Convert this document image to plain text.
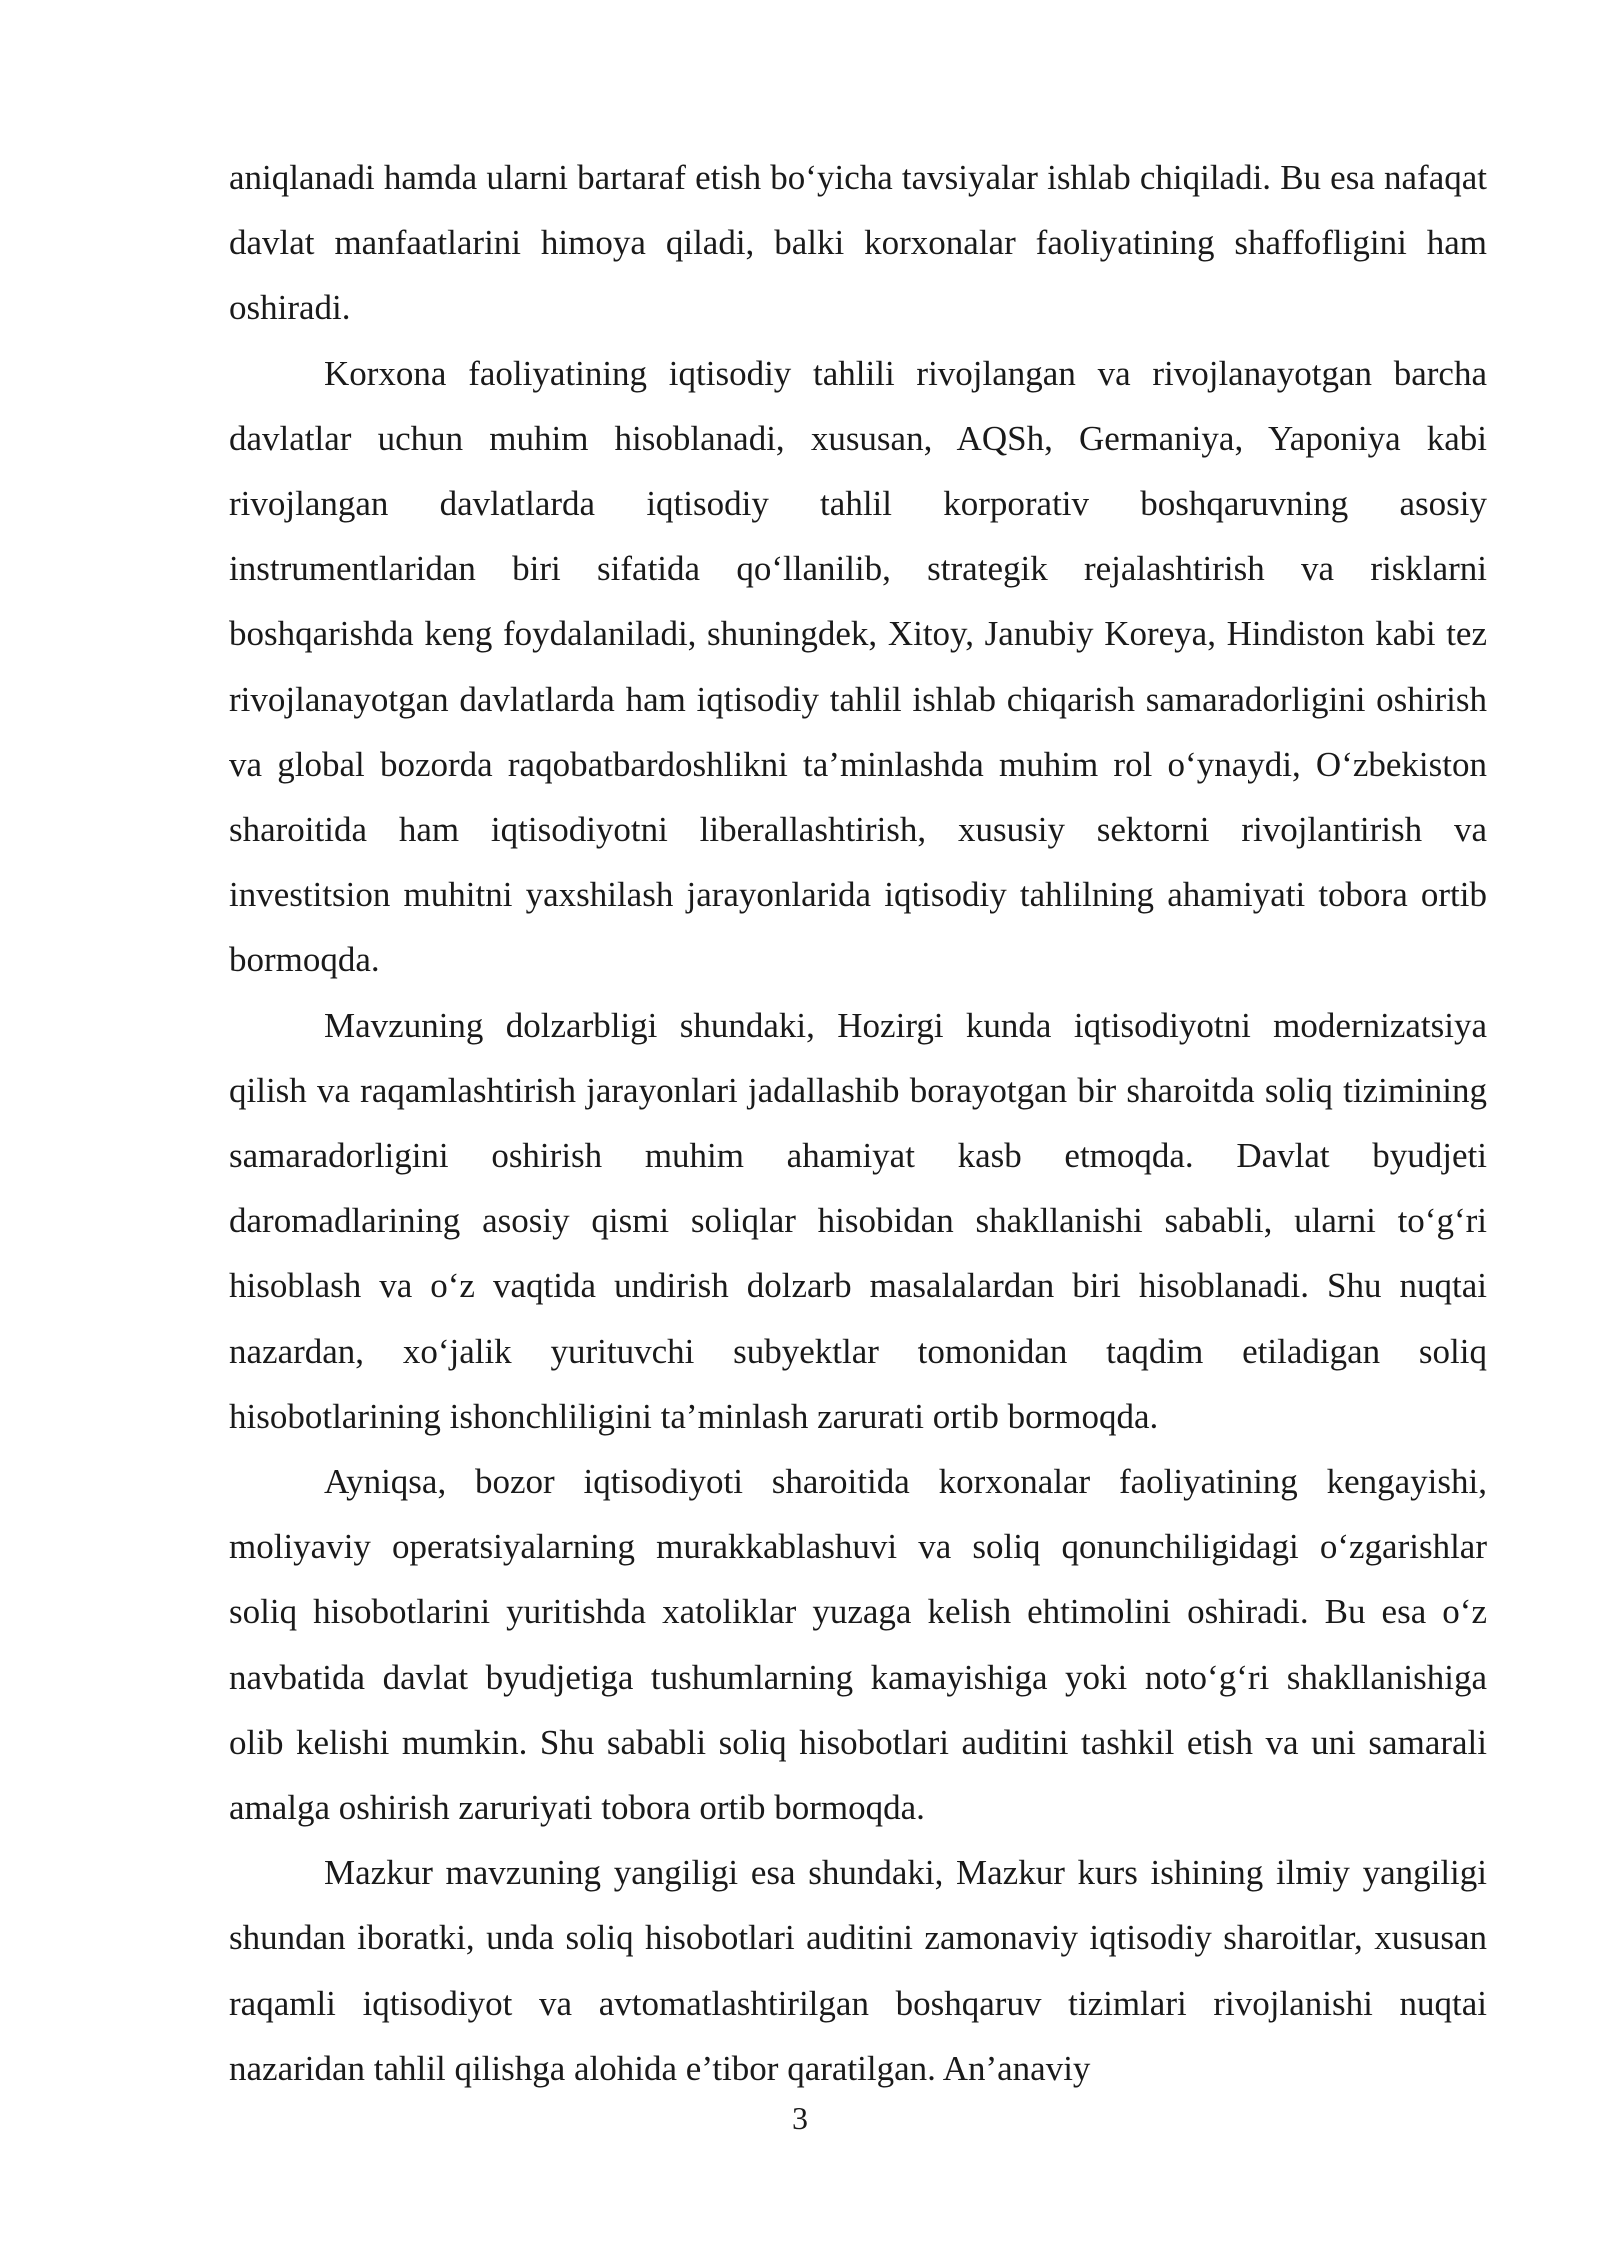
aniqlanadi hamda ularni bartaraf etish bo‘yicha tavsiyalar ishlab chiqiladi. Bu esa nafaqat davlat manfaatlarini himoya qiladi, balki korxonalar faoliyatining shaffofligini ham oshiradi.

Korxona faoliyatining iqtisodiy tahlili rivojlangan va rivojlanayotgan barcha davlatlar uchun muhim hisoblanadi, xususan, AQSh, Germaniya, Yaponiya kabi rivojlangan davlatlarda iqtisodiy tahlil korporativ boshqaruvning asosiy instrumentlaridan biri sifatida qo‘llanilib, strategik rejalashtirish va risklarni boshqarishda keng foydalaniladi, shuningdek, Xitoy, Janubiy Koreya, Hindiston kabi tez rivojlanayotgan davlatlarda ham iqtisodiy tahlil ishlab chiqarish samaradorligini oshirish va global bozorda raqobatbardoshlikni ta’minlashda muhim rol o‘ynaydi, O‘zbekiston sharoitida ham iqtisodiyotni liberallashtirish, xususiy sektorni rivojlantirish va investitsion muhitni yaxshilash jarayonlarida iqtisodiy tahlilning ahamiyati tobora ortib bormoqda.

Mavzuning dolzarbligi shundaki, Hozirgi kunda iqtisodiyotni modernizatsiya qilish va raqamlashtirish jarayonlari jadallashib borayotgan bir sharoitda soliq tizimining samaradorligini oshirish muhim ahamiyat kasb etmoqda. Davlat byudjeti daromadlarining asosiy qismi soliqlar hisobidan shakllanishi sababli, ularni to‘g‘ri hisoblash va o‘z vaqtida undirish dolzarb masalalardan biri hisoblanadi. Shu nuqtai nazardan, xo‘jalik yurituvchi subyektlar tomonidan taqdim etiladigan soliq hisobotlarining ishonchliligini ta’minlash zarurati ortib bormoqda.

Ayniqsa, bozor iqtisodiyoti sharoitida korxonalar faoliyatining kengayishi, moliyaviy operatsiyalarning murakkablashuvi va soliq qonunchiligidagi o‘zgarishlar soliq hisobotlarini yuritishda xatoliklar yuzaga kelish ehtimolini oshiradi. Bu esa o‘z navbatida davlat byudjetiga tushumlarning kamayishiga yoki noto‘g‘ri shakllanishiga olib kelishi mumkin. Shu sababli soliq hisobotlari auditini tashkil etish va uni samarali amalga oshirish zaruriyati tobora ortib bormoqda.

Mazkur mavzuning yangiligi esa shundaki, Mazkur kurs ishining ilmiy yangiligi shundan iboratki, unda soliq hisobotlari auditini zamonaviy iqtisodiy sharoitlar, xususan raqamli iqtisodiyot va avtomatlashtirilgan boshqaruv tizimlari rivojlanishi nuqtai nazaridan tahlil qilishga alohida e’tibor qaratilgan. An’anaviy

3
